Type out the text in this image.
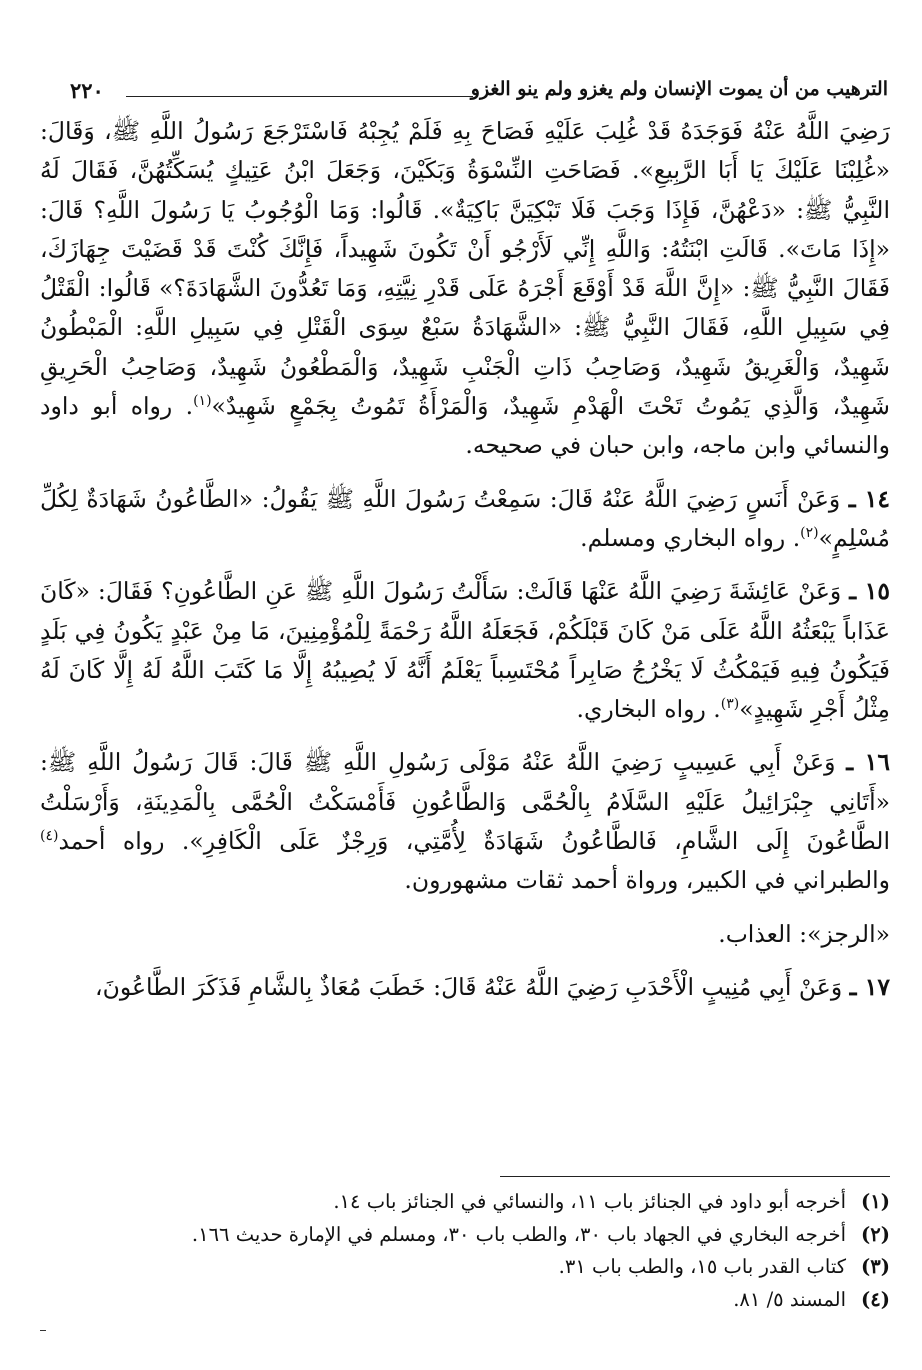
الترهيب من أن يموت الإنسان ولم يغزو ولم ينو الغزو
٢٢٠

رَضِيَ اللَّهُ عَنْهُ فَوَجَدَهُ قَدْ غُلِبَ عَلَيْهِ فَصَاحَ بِهِ فَلَمْ يُجِبْهُ فَاسْتَرْجَعَ رَسُولُ اللَّهِ ﷺ، وَقَالَ: «غُلِبْنَا عَلَيْكَ يَا أَبَا الرَّبِيعِ». فَصَاحَتِ النِّسْوَةُ وَبَكَيْنَ، وَجَعَلَ ابْنُ عَتِيكٍ يُسَكِّتُهُنَّ، فَقَالَ لَهُ النَّبِيُّ ﷺ: «دَعْهُنَّ، فَإِذَا وَجَبَ فَلَا تَبْكِيَنَّ بَاكِيَةٌ». قَالُوا: وَمَا الْوُجُوبُ يَا رَسُولَ اللَّهِ؟ قَالَ: «إِذَا مَاتَ». قَالَتِ ابْنَتُهُ: وَاللَّهِ إِنِّي لَأَرْجُو أَنْ تَكُونَ شَهِيداً، فَإِنَّكَ كُنْتَ قَدْ قَضَيْتَ جِهَازَكَ، فَقَالَ النَّبِيُّ ﷺ: «إِنَّ اللَّهَ قَدْ أَوْقَعَ أَجْرَهُ عَلَى قَدْرِ نِيَّتِهِ، وَمَا تَعُدُّونَ الشَّهَادَةَ؟» قَالُوا: الْقَتْلُ فِي سَبِيلِ اللَّهِ، فَقَالَ النَّبِيُّ ﷺ: «الشَّهَادَةُ سَبْعٌ سِوَى الْقَتْلِ فِي سَبِيلِ اللَّهِ: الْمَبْطُونُ شَهِيدٌ، وَالْغَرِيقُ شَهِيدٌ، وَصَاحِبُ ذَاتِ الْجَنْبِ شَهِيدٌ، وَالْمَطْعُونُ شَهِيدٌ، وَصَاحِبُ الْحَرِيقِ شَهِيدٌ، وَالَّذِي يَمُوتُ تَحْتَ الْهَدْمِ شَهِيدٌ، وَالْمَرْأَةُ تَمُوتُ بِجَمْعٍ شَهِيدٌ»$^{(١)}$. رواه أبو داود والنسائي وابن ماجه، وابن حبان في صحيحه.

١٤ ـ وَعَنْ أَنَسٍ رَضِيَ اللَّهُ عَنْهُ قَالَ: سَمِعْتُ رَسُولَ اللَّهِ ﷺ يَقُولُ: «الطَّاعُونُ شَهَادَةٌ لِكُلِّ مُسْلِمٍ»$^{(٢)}$. رواه البخاري ومسلم.

١٥ ـ وَعَنْ عَائِشَةَ رَضِيَ اللَّهُ عَنْهَا قَالَتْ: سَأَلْتُ رَسُولَ اللَّهِ ﷺ عَنِ الطَّاعُونِ؟ فَقَالَ: «كَانَ عَذَاباً يَبْعَثُهُ اللَّهُ عَلَى مَنْ كَانَ قَبْلَكُمْ، فَجَعَلَهُ اللَّهُ رَحْمَةً لِلْمُؤْمِنِينَ، مَا مِنْ عَبْدٍ يَكُونُ فِي بَلَدٍ فَيَكُونُ فِيهِ فَيَمْكُثُ لَا يَخْرُجُ صَابِراً مُحْتَسِباً يَعْلَمُ أَنَّهُ لَا يُصِيبُهُ إِلَّا مَا كَتَبَ اللَّهُ لَهُ إِلَّا كَانَ لَهُ مِثْلُ أَجْرِ شَهِيدٍ»$^{(٣)}$. رواه البخاري.

١٦ ـ وَعَنْ أَبِي عَسِيبٍ رَضِيَ اللَّهُ عَنْهُ مَوْلَى رَسُولِ اللَّهِ ﷺ قَالَ: قَالَ رَسُولُ اللَّهِ ﷺ: «أَتَانِي جِبْرَائِيلُ عَلَيْهِ السَّلَامُ بِالْحُمَّى وَالطَّاعُونِ فَأَمْسَكْتُ الْحُمَّى بِالْمَدِينَةِ، وَأَرْسَلْتُ الطَّاعُونَ إِلَى الشَّامِ، فَالطَّاعُونُ شَهَادَةٌ لِأُمَّتِي، وَرِجْزٌ عَلَى الْكَافِرِ». رواه أحمد$^{(٤)}$ والطبراني في الكبير، ورواة أحمد ثقات مشهورون.

«الرجز»: العذاب.

١٧ ـ وَعَنْ أَبِي مُنِيبٍ الْأَحْدَبِ رَضِيَ اللَّهُ عَنْهُ قَالَ: خَطَبَ مُعَاذٌ بِالشَّامِ فَذَكَرَ الطَّاعُونَ،

(١)أخرجه أبو داود في الجنائز باب ١١، والنسائي في الجنائز باب ١٤.
(٢)أخرجه البخاري في الجهاد باب ٣٠، والطب باب ٣٠، ومسلم في الإمارة حديث ١٦٦.
(٣)كتاب القدر باب ١٥، والطب باب ٣١.
(٤)المسند ٥/ ٨١.
